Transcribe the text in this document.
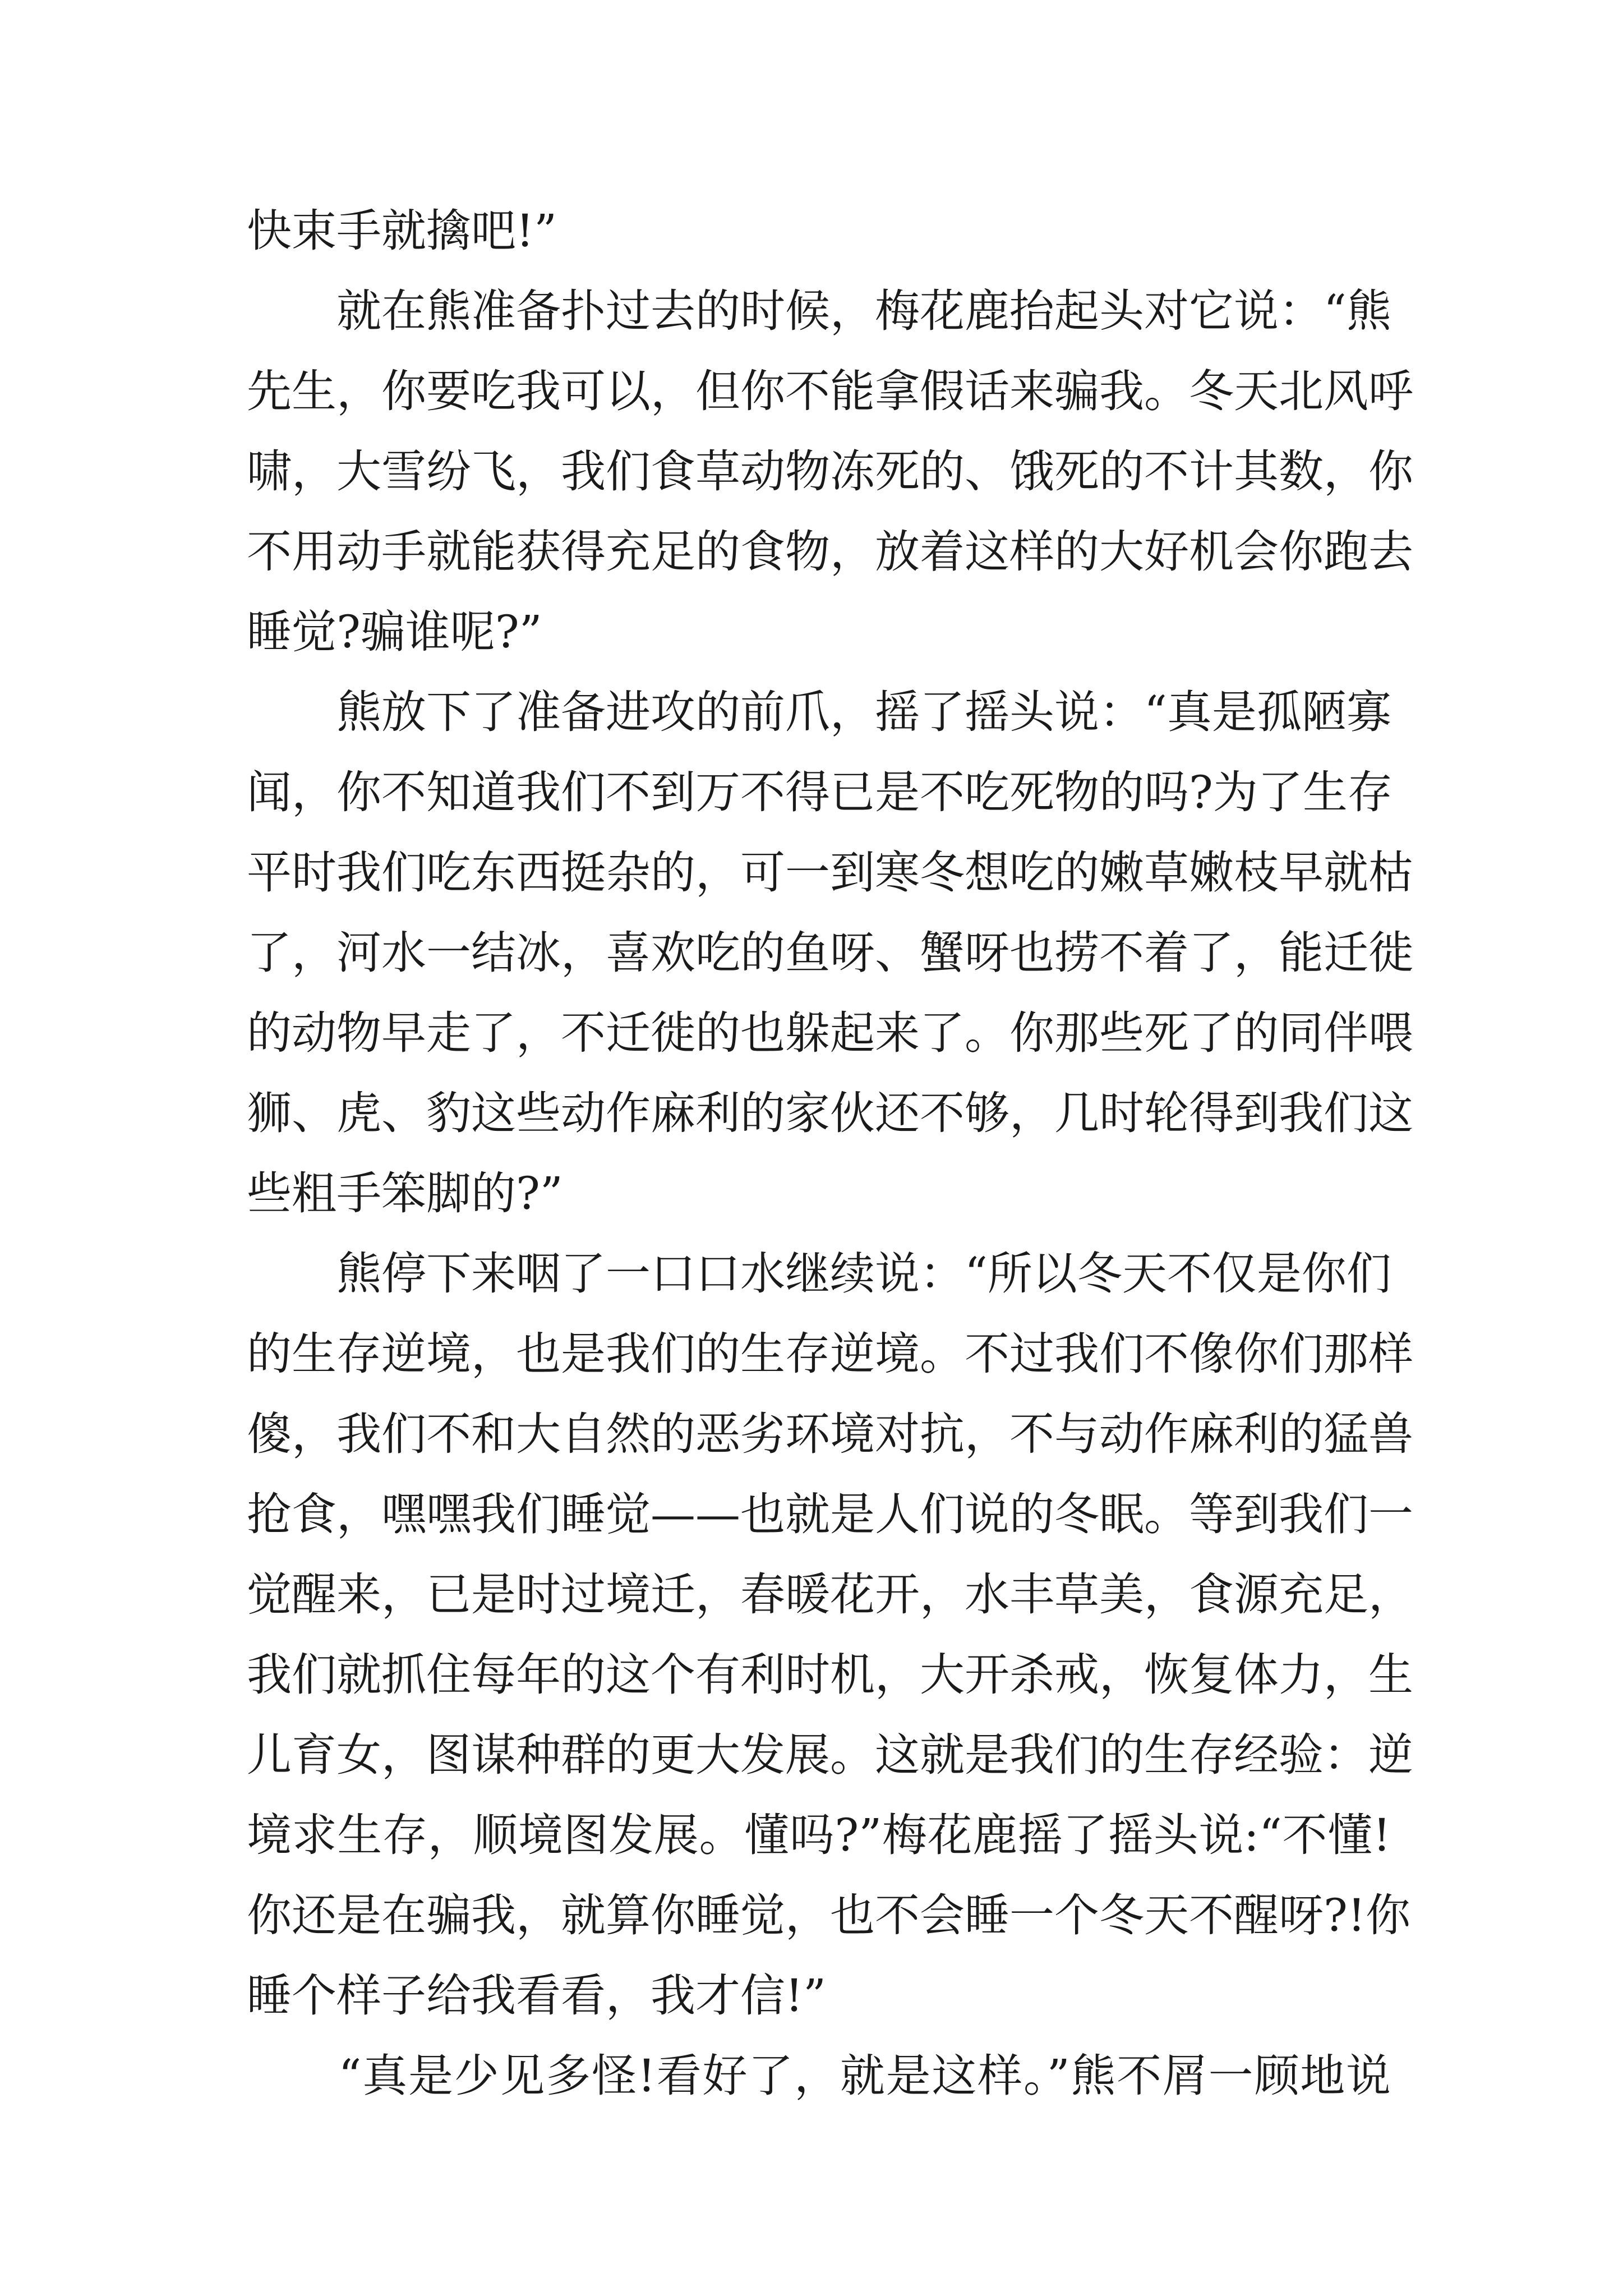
快束手就擒吧!”
　　就在熊准备扑过去的时候，梅花鹿抬起头对它说：“熊
先生，你要吃我可以，但你不能拿假话来骗我。冬天北风呼
啸，大雪纷飞，我们食草动物冻死的、饿死的不计其数，你
不用动手就能获得充足的食物，放着这样的大好机会你跑去
睡觉?骗谁呢?”
　　熊放下了准备进攻的前爪，摇了摇头说：“真是孤陋寡
闻，你不知道我们不到万不得已是不吃死物的吗?为了生存
平时我们吃东西挺杂的，可一到寒冬想吃的嫩草嫩枝早就枯
了，河水一结冰，喜欢吃的鱼呀、蟹呀也捞不着了，能迁徙
的动物早走了，不迁徙的也躲起来了。你那些死了的同伴喂
狮、虎、豹这些动作麻利的家伙还不够，几时轮得到我们这
些粗手笨脚的?”
　　熊停下来咽了一口口水继续说：“所以冬天不仅是你们
的生存逆境，也是我们的生存逆境。不过我们不像你们那样
傻，我们不和大自然的恶劣环境对抗，不与动作麻利的猛兽
抢食，嘿嘿我们睡觉——也就是人们说的冬眠。等到我们一
觉醒来，已是时过境迁，春暖花开，水丰草美，食源充足，
我们就抓住每年的这个有利时机，大开杀戒，恢复体力，生
儿育女，图谋种群的更大发展。这就是我们的生存经验：逆
境求生存，顺境图发展。懂吗?”梅花鹿摇了摇头说:“不懂!
你还是在骗我，就算你睡觉，也不会睡一个冬天不醒呀?!你
睡个样子给我看看，我才信!”
　　“真是少见多怪!看好了，就是这样。”熊不屑一顾地说
